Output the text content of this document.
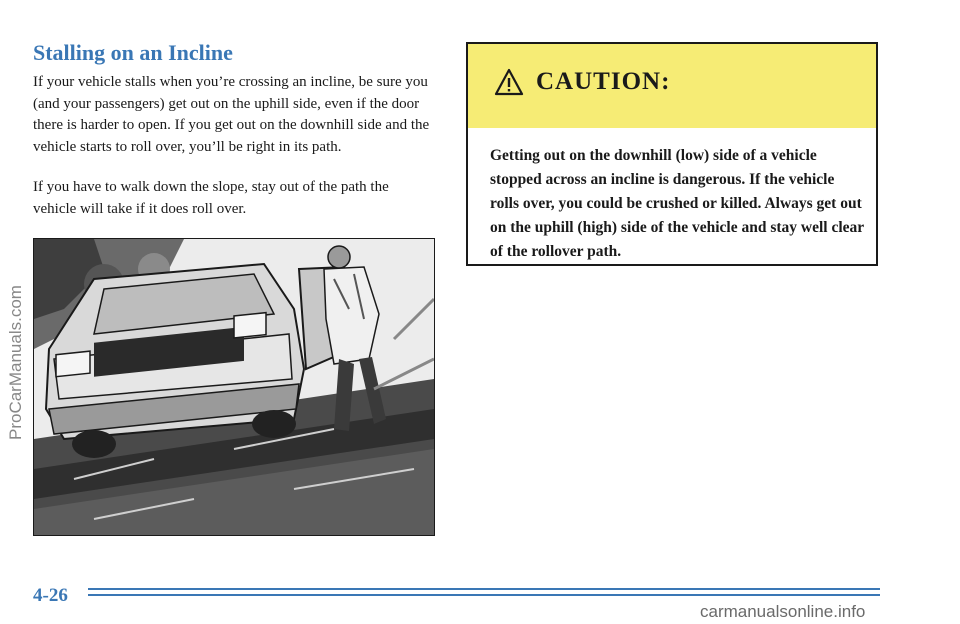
Stalling on an Incline

If your vehicle stalls when you’re crossing an incline, be sure you (and your passengers) get out on the uphill side, even if the door there is harder to open. If you get out on the downhill side and the vehicle starts to roll over, you’ll be right in its path.

If you have to walk down the slope, stay out of the path the vehicle will take if it does roll over.

CAUTION:

Getting out on the downhill (low) side of a vehicle stopped across an incline is dangerous. If the vehicle rolls over, you could be crushed or killed. Always get out on the uphill (high) side of the vehicle and stay well clear of the rollover path.

4-26
ProCarManuals.com
carmanualsonline.info
